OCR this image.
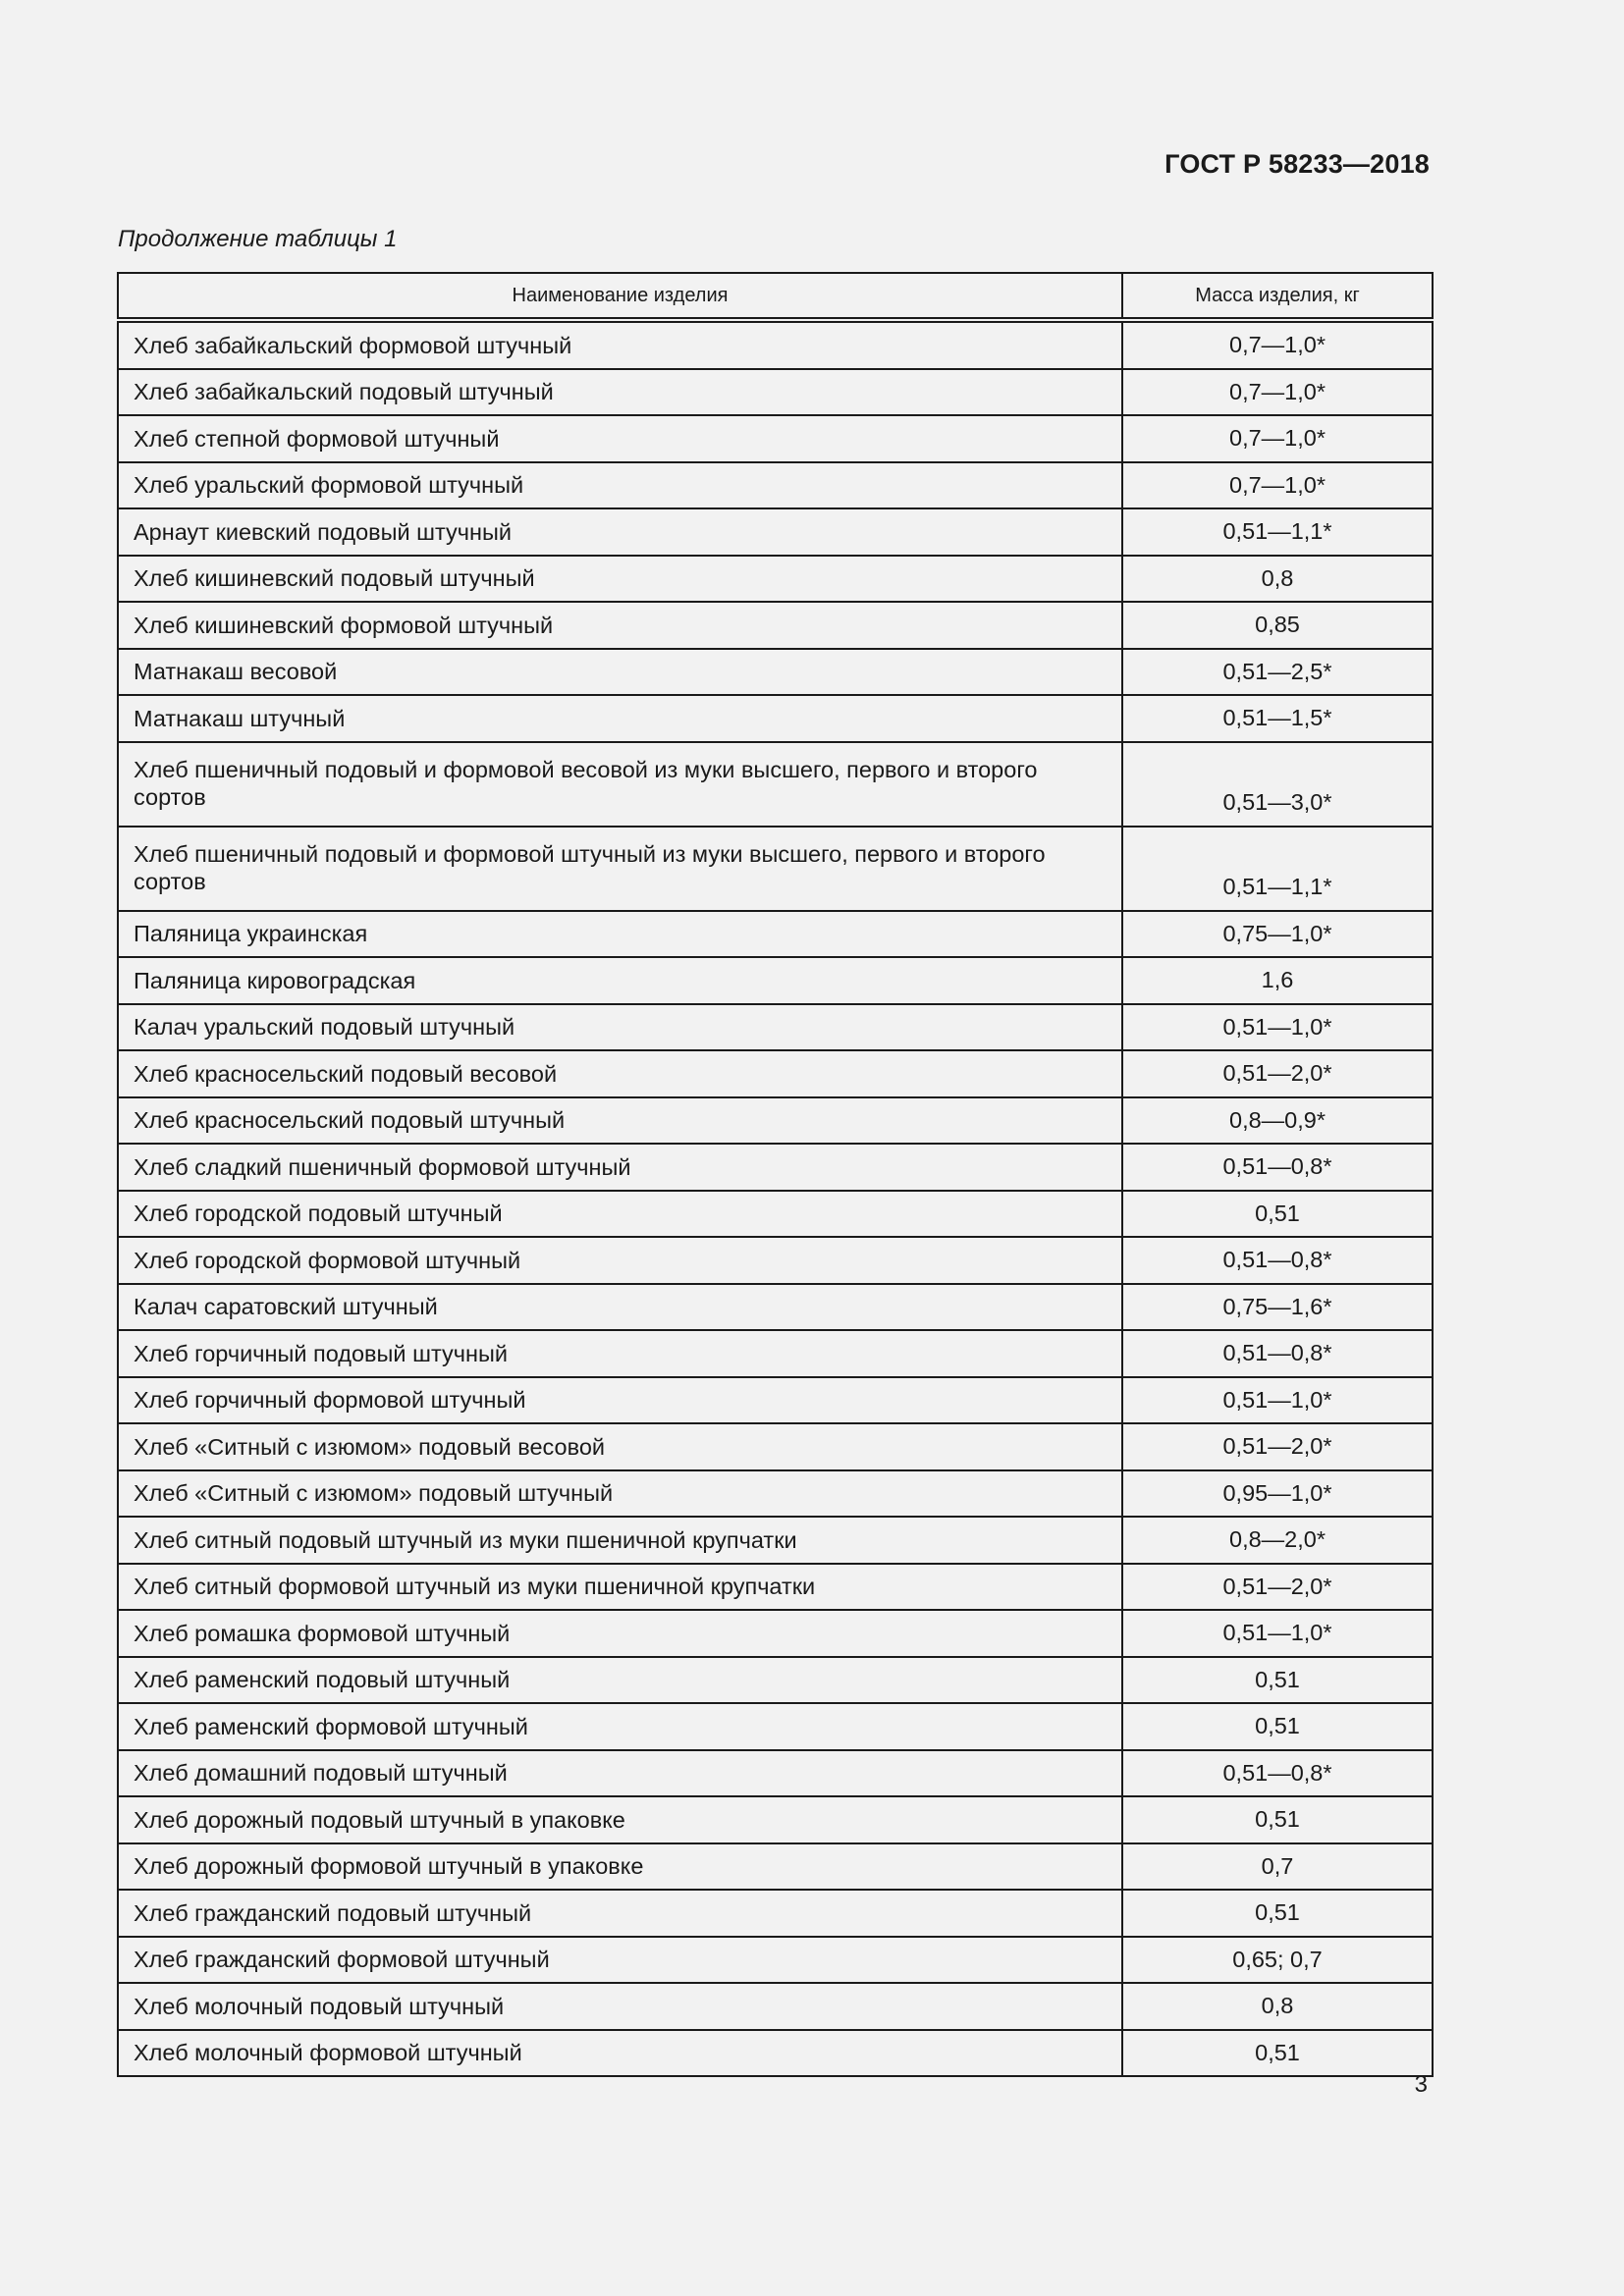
ГОСТ Р 58233—2018
Продолжение таблицы 1
Наименование изделия	Масса изделия, кг
Хлеб забайкальский формовой штучный	0,7—1,0*
Хлеб забайкальский подовый штучный	0,7—1,0*
Хлеб степной формовой штучный	0,7—1,0*
Хлеб уральский формовой штучный	0,7—1,0*
Арнаут киевский подовый штучный	0,51—1,1*
Хлеб кишиневский подовый штучный	0,8
Хлеб кишиневский формовой штучный	0,85
Матнакаш весовой	0,51—2,5*
Матнакаш штучный	0,51—1,5*
Хлеб пшеничный подовый и формовой весовой из муки высшего, первого и второго сортов	0,51—3,0*
Хлеб пшеничный подовый и формовой штучный из муки высшего, первого и второго сортов	0,51—1,1*
Паляница украинская	0,75—1,0*
Паляница кировоградская	1,6
Калач уральский подовый штучный	0,51—1,0*
Хлеб красносельский подовый весовой	0,51—2,0*
Хлеб красносельский подовый штучный	0,8—0,9*
Хлеб сладкий пшеничный формовой штучный	0,51—0,8*
Хлеб городской подовый штучный	0,51
Хлеб городской формовой штучный	0,51—0,8*
Калач саратовский штучный	0,75—1,6*
Хлеб горчичный подовый штучный	0,51—0,8*
Хлеб горчичный формовой штучный	0,51—1,0*
Хлеб «Ситный с изюмом» подовый весовой	0,51—2,0*
Хлеб «Ситный с изюмом» подовый штучный	0,95—1,0*
Хлеб ситный подовый штучный из муки пшеничной крупчатки	0,8—2,0*
Хлеб ситный формовой штучный из муки пшеничной крупчатки	0,51—2,0*
Хлеб ромашка формовой штучный	0,51—1,0*
Хлеб раменский подовый штучный	0,51
Хлеб раменский формовой штучный	0,51
Хлеб домашний подовый штучный	0,51—0,8*
Хлеб дорожный подовый штучный в упаковке	0,51
Хлеб дорожный формовой штучный в упаковке	0,7
Хлеб гражданский подовый штучный	0,51
Хлеб гражданский формовой штучный	0,65; 0,7
Хлеб молочный подовый штучный	0,8
Хлеб молочный формовой штучный	0,51
3
